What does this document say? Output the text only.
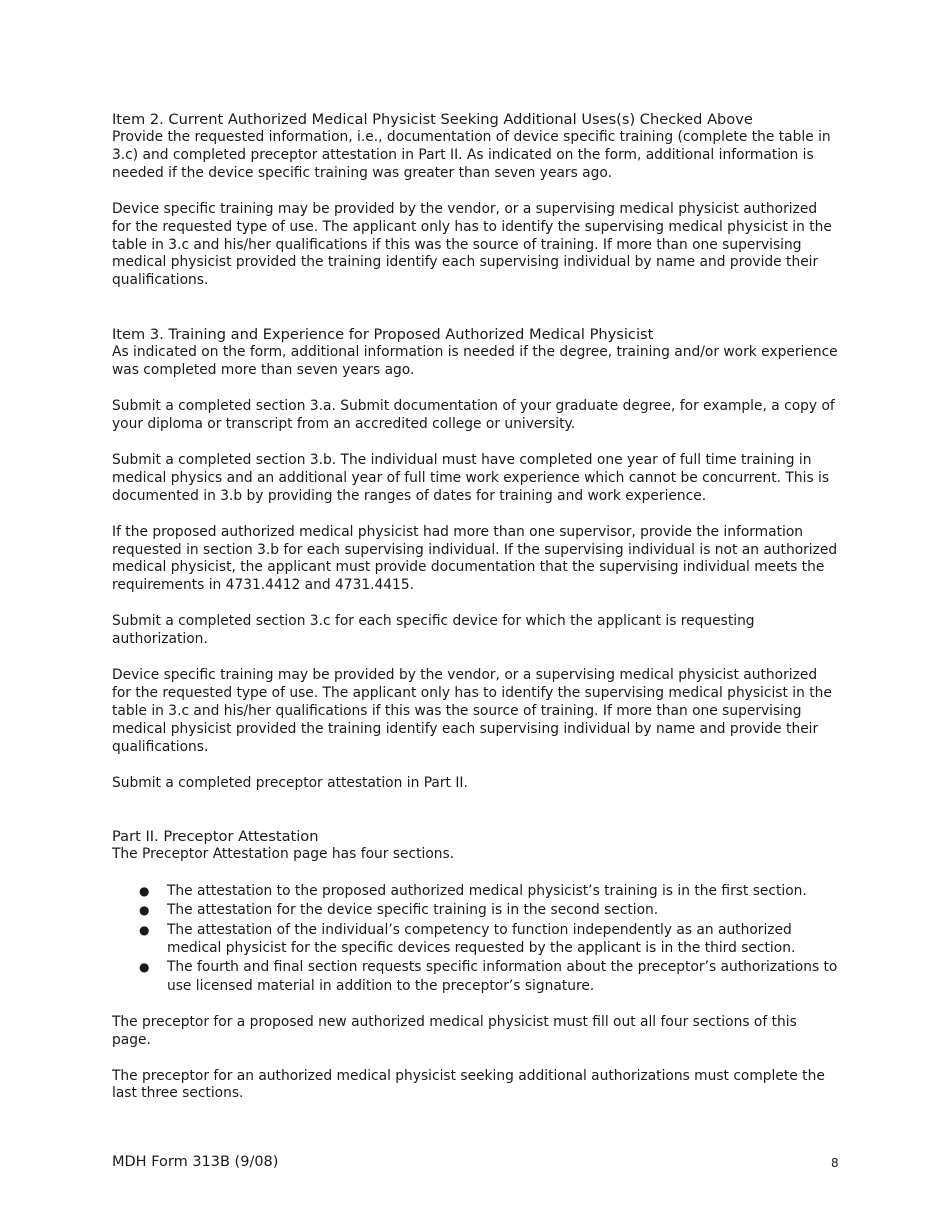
Item 2. Current Authorized Medical Physicist Seeking Additional Uses(s) Checked Above

Provide the requested information, i.e., documentation of device specific training (complete the table in 3.c) and completed preceptor attestation in Part II. As indicated on the form, additional information is needed if the device specific training was greater than seven years ago.

Device specific training may be provided by the vendor, or a supervising medical physicist authorized for the requested type of use. The applicant only has to identify the supervising medical physicist in the table in 3.c and his/her qualifications if this was the source of training. If more than one supervising medical physicist provided the training identify each supervising individual by name and provide their qualifications.

Item 3. Training and Experience for Proposed Authorized Medical Physicist

As indicated on the form, additional information is needed if the degree, training and/or work experience was completed more than seven years ago.

Submit a completed section 3.a. Submit documentation of your graduate degree, for example, a copy of your diploma or transcript from an accredited college or university.

Submit a completed section 3.b. The individual must have completed one year of full time training in medical physics and an additional year of full time work experience which cannot be concurrent. This is documented in 3.b by providing the ranges of dates for training and work experience.

If the proposed authorized medical physicist had more than one supervisor, provide the information requested in section 3.b for each supervising individual. If the supervising individual is not an authorized medical physicist, the applicant must provide documentation that the supervising individual meets the requirements in 4731.4412 and 4731.4415.

Submit a completed section 3.c for each specific device for which the applicant is requesting authorization.

Device specific training may be provided by the vendor, or a supervising medical physicist authorized for the requested type of use. The applicant only has to identify the supervising medical physicist in the table in 3.c and his/her qualifications if this was the source of training. If more than one supervising medical physicist provided the training identify each supervising individual by name and provide their qualifications.

Submit a completed preceptor attestation in Part II.

Part II. Preceptor Attestation

The Preceptor Attestation page has four sections.

● The attestation to the proposed authorized medical physicist’s training is in the first section.
● The attestation for the device specific training is in the second section.
● The attestation of the individual’s competency to function independently as an authorized medical physicist for the specific devices requested by the applicant is in the third section.
● The fourth and final section requests specific information about the preceptor’s authorizations to use licensed material in addition to the preceptor’s signature.

The preceptor for a proposed new authorized medical physicist must fill out all four sections of this page.

The preceptor for an authorized medical physicist seeking additional authorizations must complete the last three sections.

MDH Form 313B (9/08)	8
